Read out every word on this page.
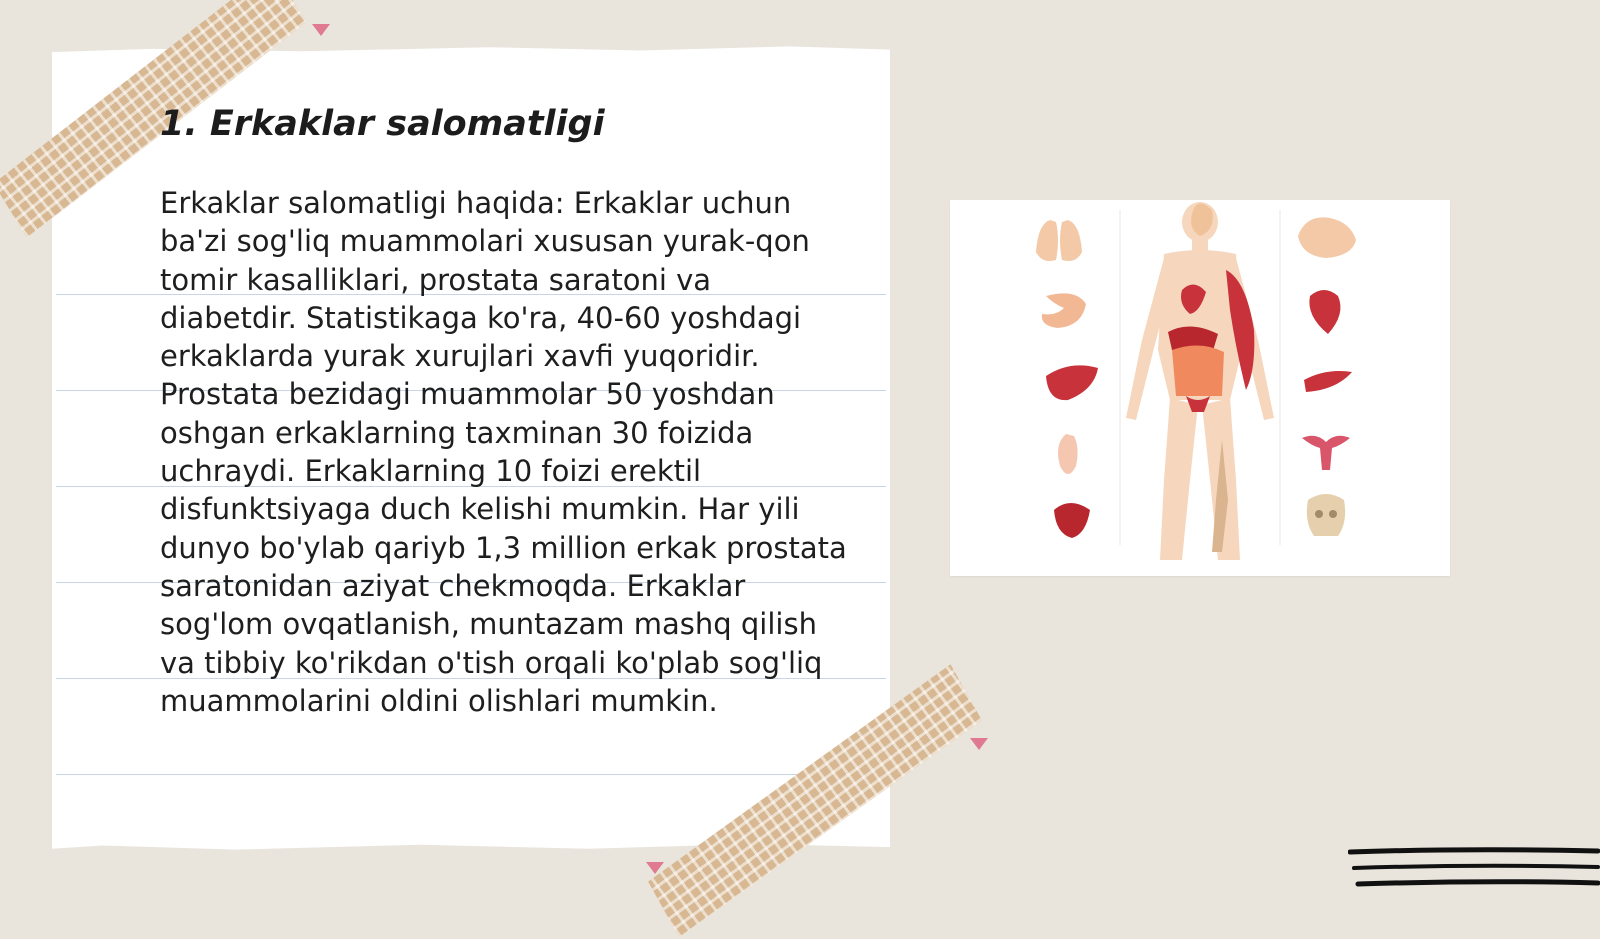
1. Erkaklar salomatligi

Erkaklar salomatligi haqida: Erkaklar uchun ba'zi sog'liq muammolari xususan yurak-qon tomir kasalliklari, prostata saratoni va diabetdir. Statistikaga ko'ra, 40-60 yoshdagi erkaklarda yurak xurujlari xavfi yuqoridir. Prostata bezidagi muammolar 50 yoshdan oshgan erkaklarning taxminan 30 foizida uchraydi. Erkaklarning 10 foizi erektil disfunktsiyaga duch kelishi mumkin. Har yili dunyo bo'ylab qariyb 1,3 million erkak prostata saratonidan aziyat chekmoqda. Erkaklar sog'lom ovqatlanish, muntazam mashq qilish va tibbiy ko'rikdan o'tish orqali ko'plab sog'liq muammolarini oldini olishlari mumkin.
